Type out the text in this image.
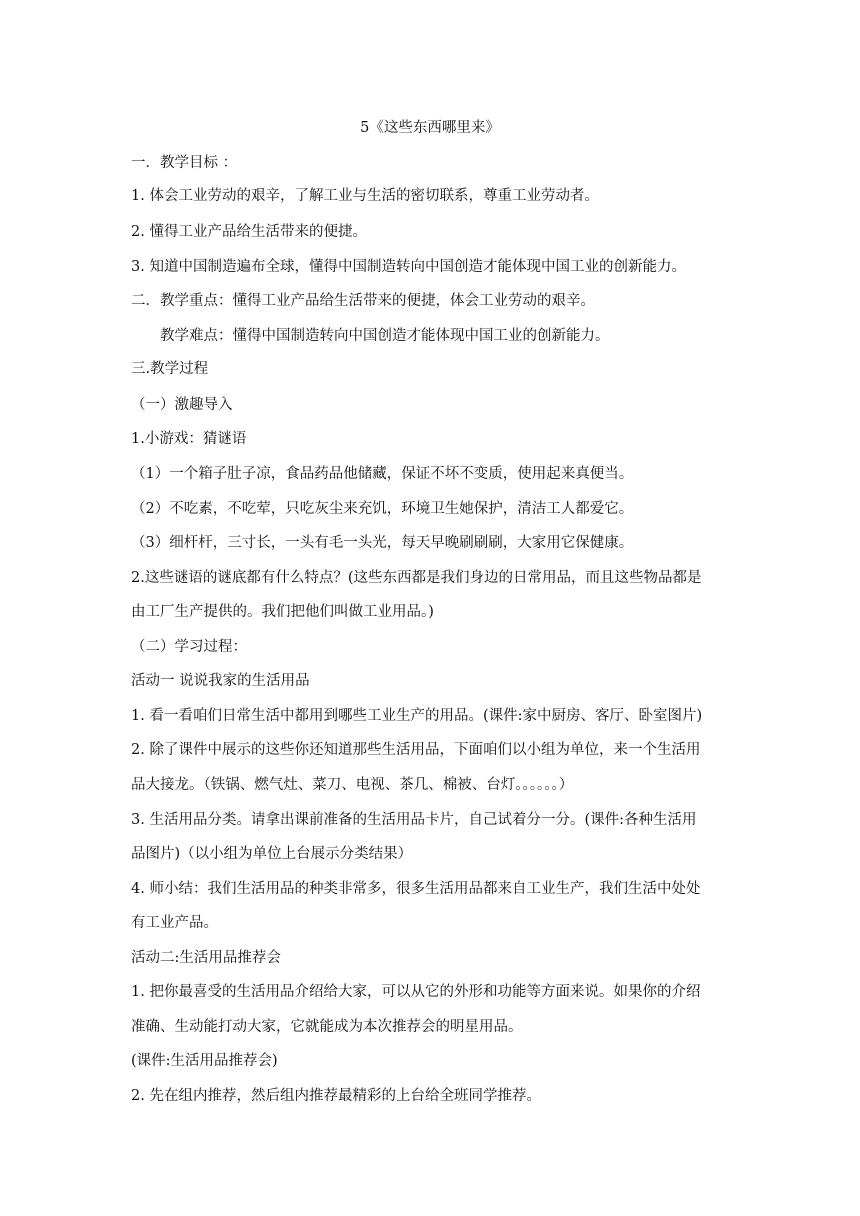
5《这些东西哪里来》
一．教学目标 ：
1. 体会工业劳动的艰辛，了解工业与生活的密切联系，尊重工业劳动者。
2. 懂得工业产品给生活带来的便捷。
3. 知道中国制造遍布全球，懂得中国制造转向中国创造才能体现中国工业的创新能力。
二．教学重点：懂得工业产品给生活带来的便捷，体会工业劳动的艰辛。
教学难点：懂得中国制造转向中国创造才能体现中国工业的创新能力。
三.教学过程
（一）激趣导入
1.小游戏：猜谜语
（1）一个箱子肚子凉，食品药品他储藏，保证不坏不变质，使用起来真便当。
（2）不吃素，不吃荤，只吃灰尘来充饥，环境卫生她保护，清洁工人都爱它。
（3）细杆杆，三寸长，一头有毛一头光，每天早晚刷刷刷，大家用它保健康。
2.这些谜语的谜底都有什么特点？(这些东西都是我们身边的日常用品，而且这些物品都是
由工厂生产提供的。我们把他们叫做工业用品。)
（二）学习过程：
活动一 说说我家的生活用品
1. 看一看咱们日常生活中都用到哪些工业生产的用品。(课件:家中厨房、客厅、卧室图片)
2. 除了课件中展示的这些你还知道那些生活用品，下面咱们以小组为单位，来一个生活用
品大接龙。（铁锅、燃气灶、菜刀、电视、茶几、棉被、台灯。。。。。。）
3. 生活用品分类。请拿出课前准备的生活用品卡片，自己试着分一分。(课件:各种生活用
品图片)（以小组为单位上台展示分类结果）
4. 师小结：我们生活用品的种类非常多，很多生活用品都来自工业生产，我们生活中处处
有工业产品。
活动二:生活用品推荐会
1. 把你最喜受的生活用品介绍给大家，可以从它的外形和功能等方面来说。如果你的介绍
准确、生动能打动大家，它就能成为本次推荐会的明星用品。
(课件:生活用品推荐会)
2. 先在组内推荐，然后组内推荐最精彩的上台给全班同学推荐。
